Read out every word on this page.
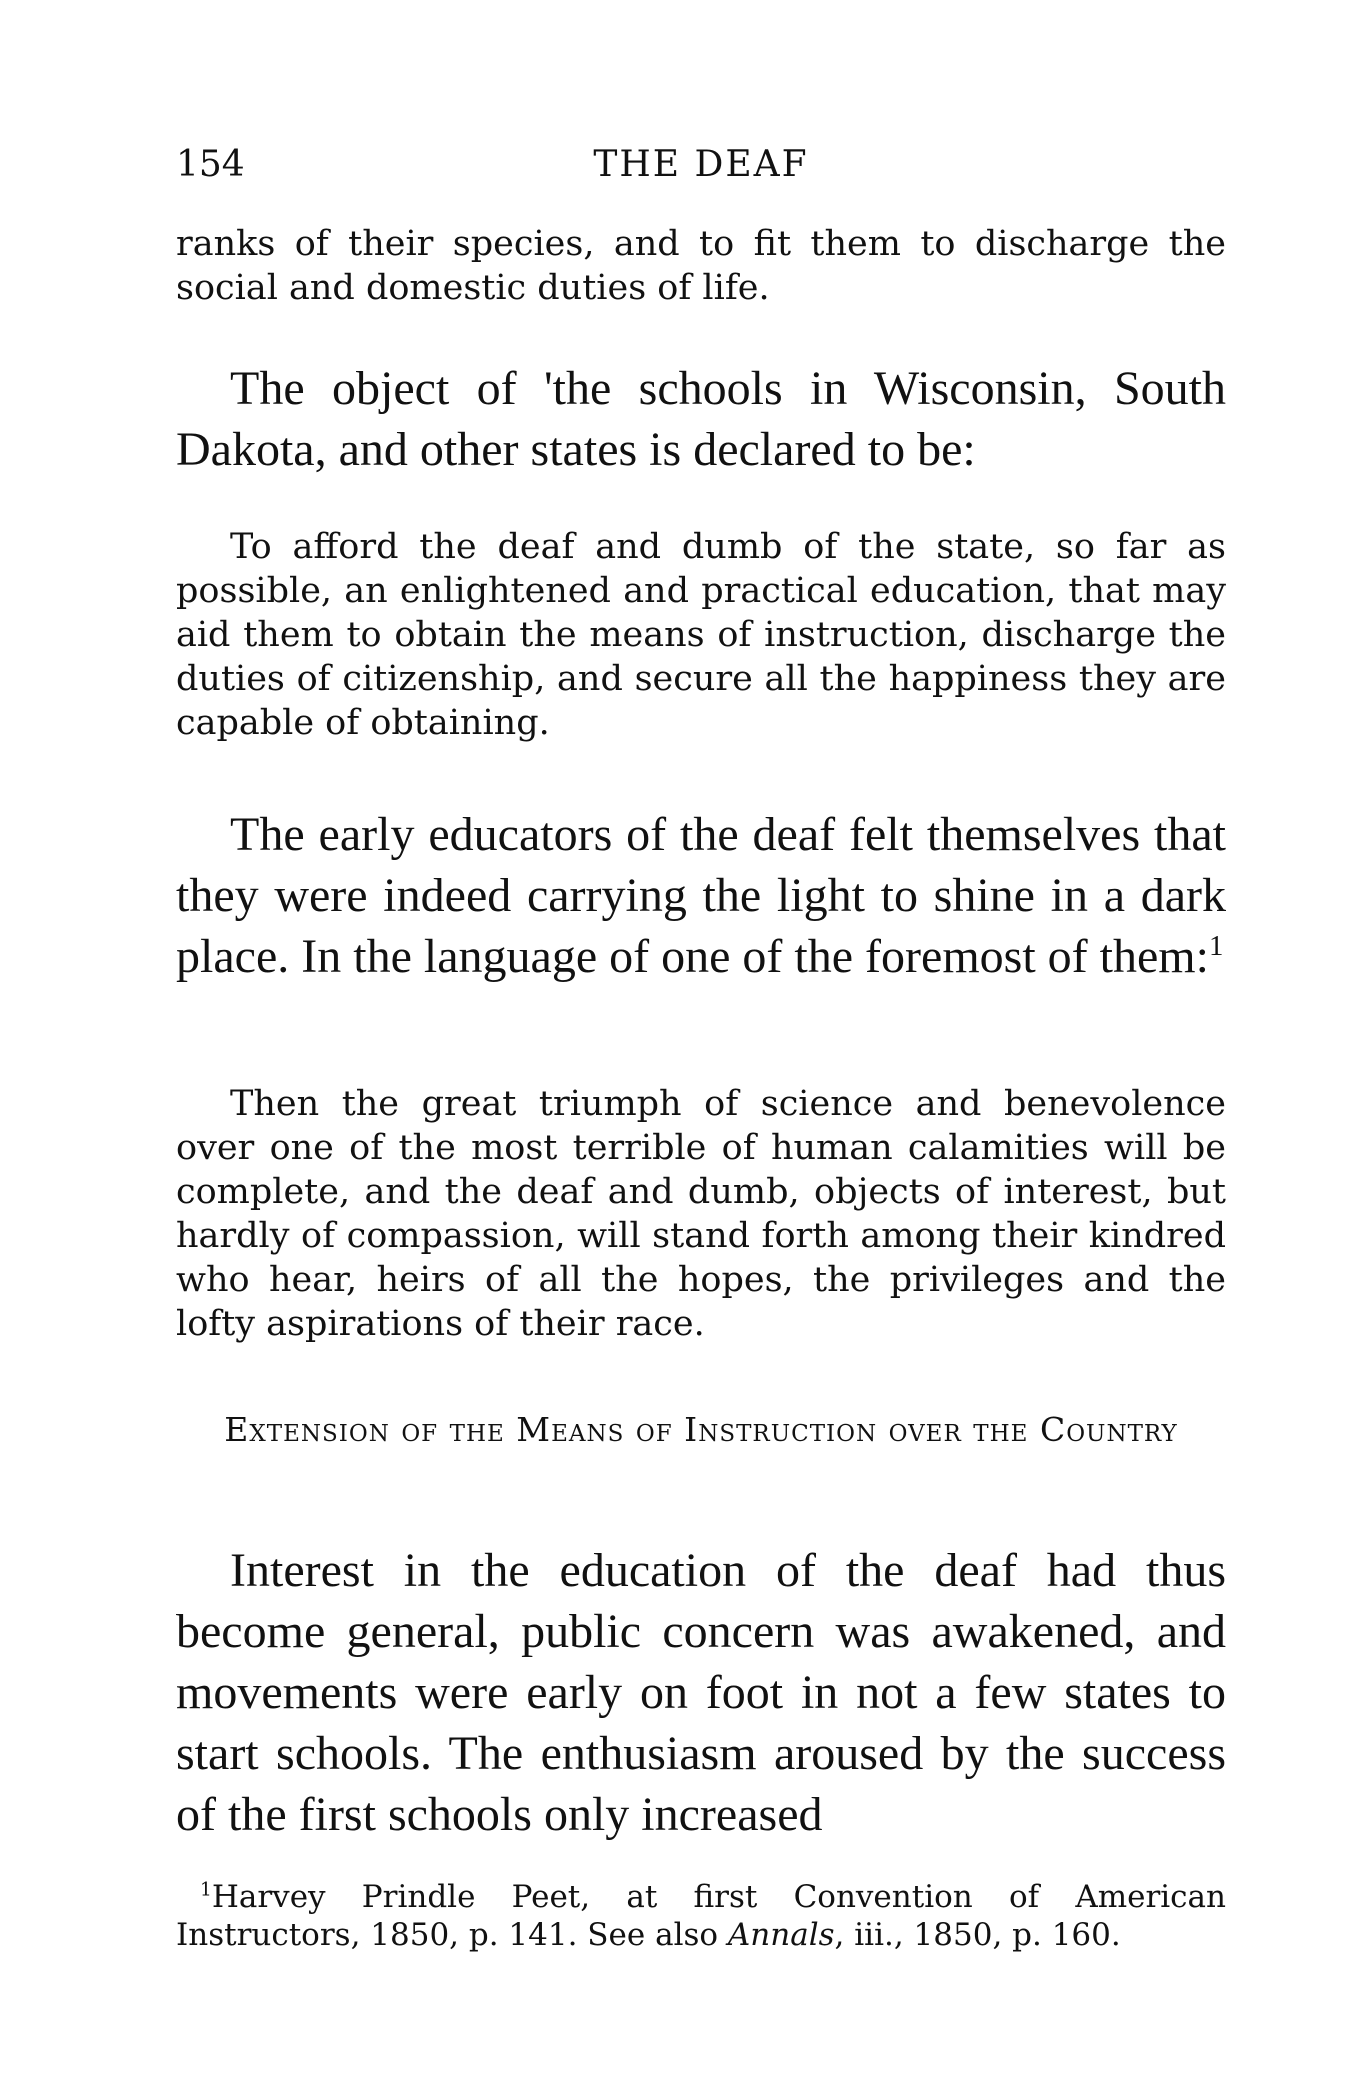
154	THE DEAF

ranks of their species, and to fit them to discharge the social and domestic duties of life.

The object of 'the schools in Wisconsin, South Dakota, and other states is declared to be:

To afford the deaf and dumb of the state, so far as possible, an enlightened and practical education, that may aid them to obtain the means of instruction, discharge the duties of citizenship, and secure all the happiness they are capable of obtaining.

The early educators of the deaf felt themselves that they were indeed carrying the light to shine in a dark place. In the language of one of the foremost of them:$^1$

Then the great triumph of science and benevolence over one of the most terrible of human calamities will be complete, and the deaf and dumb, objects of interest, but hardly of compassion, will stand forth among their kindred who hear, heirs of all the hopes, the privileges and the lofty aspirations of their race.

Extension of the Means of Instruction over the Country

Interest in the education of the deaf had thus become general, public concern was awakened, and movements were early on foot in not a few states to start schools. The enthusiasm aroused by the success of the first schools only increased

$^1$Harvey Prindle Peet, at first Convention of American Instructors, 1850, p. 141. See also Annals, iii., 1850, p. 160.
